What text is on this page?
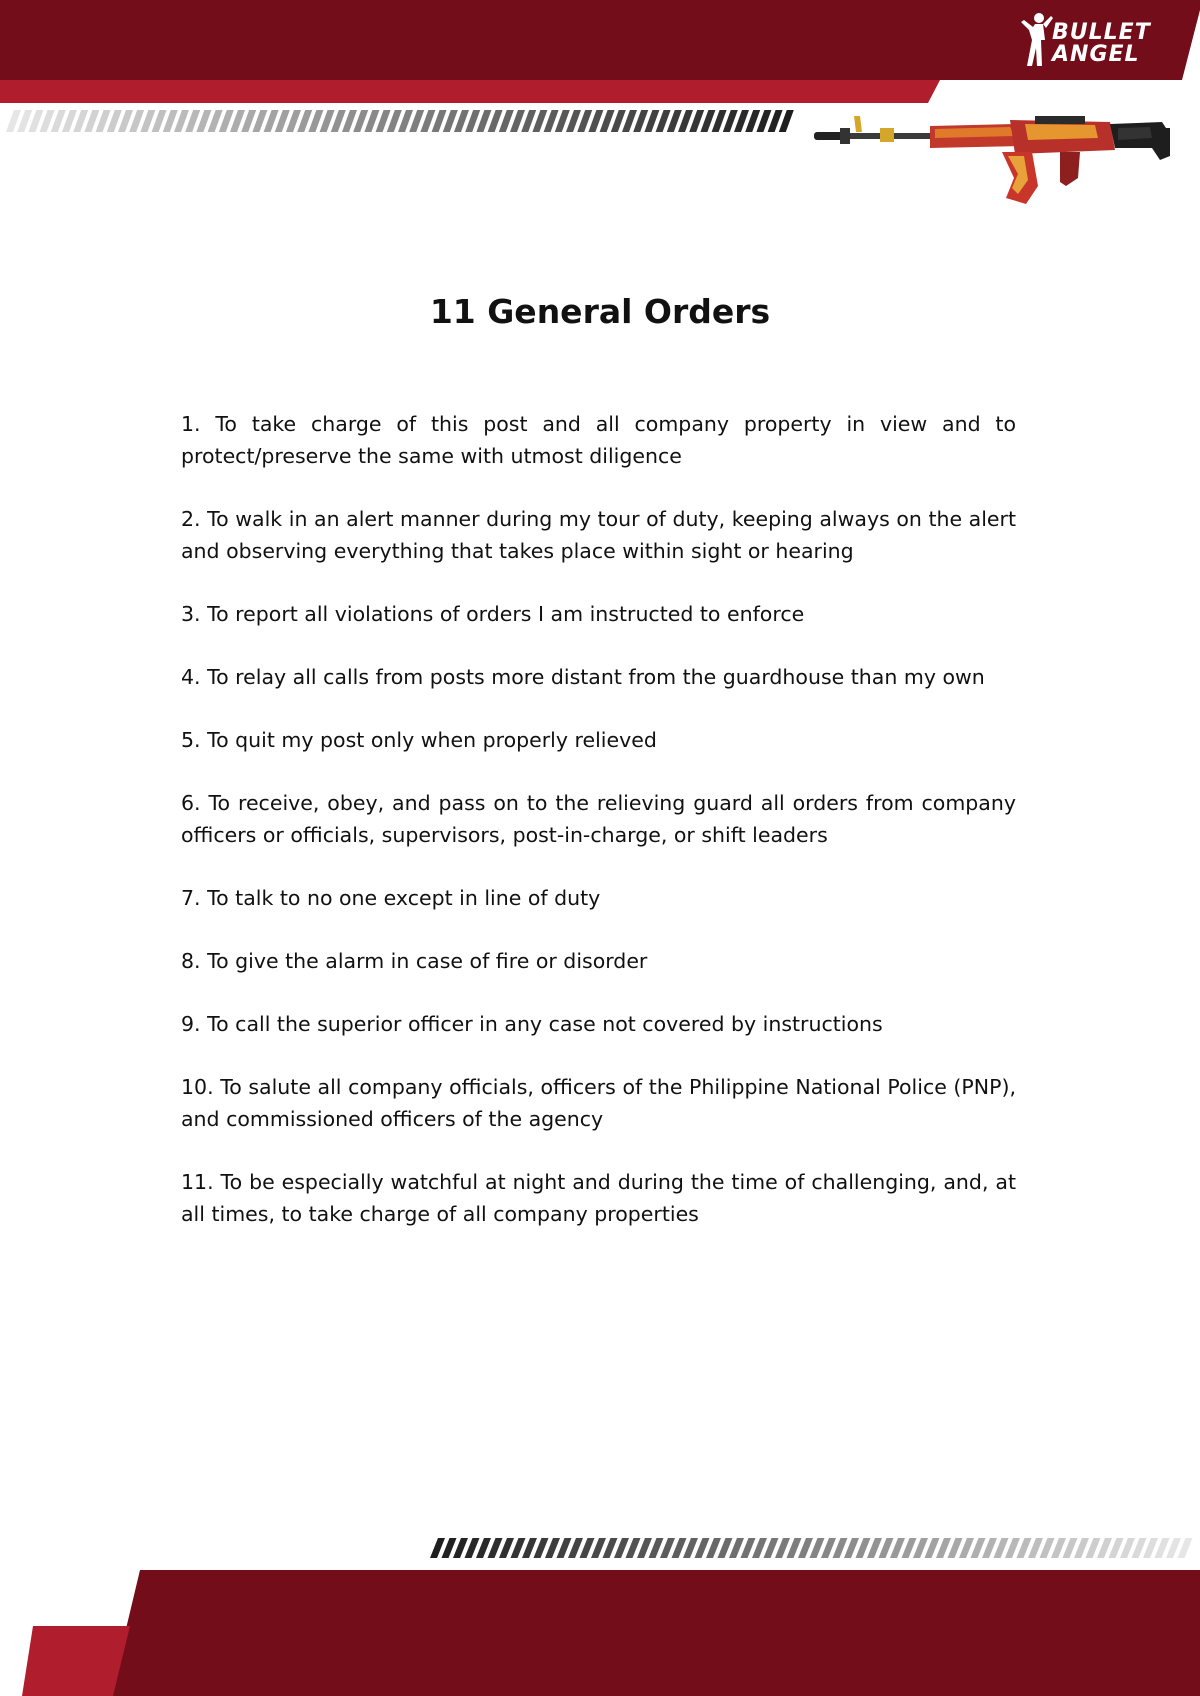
BULLET
ANGEL
11 General Orders
1. To take charge of this post and all company property in view and to protect/preserve the same with utmost diligence
2. To walk in an alert manner during my tour of duty, keeping always on the alert and observing everything that takes place within sight or hearing
3. To report all violations of orders I am instructed to enforce
4. To relay all calls from posts more distant from the guardhouse than my own
5. To quit my post only when properly relieved
6. To receive, obey, and pass on to the relieving guard all orders from company officers or officials, supervisors, post-in-charge, or shift leaders
7. To talk to no one except in line of duty
8. To give the alarm in case of fire or disorder
9. To call the superior officer in any case not covered by instructions
10. To salute all company officials, officers of the Philippine National Police (PNP), and commissioned officers of the agency
11. To be especially watchful at night and during the time of challenging, and, at all times, to take charge of all company properties
